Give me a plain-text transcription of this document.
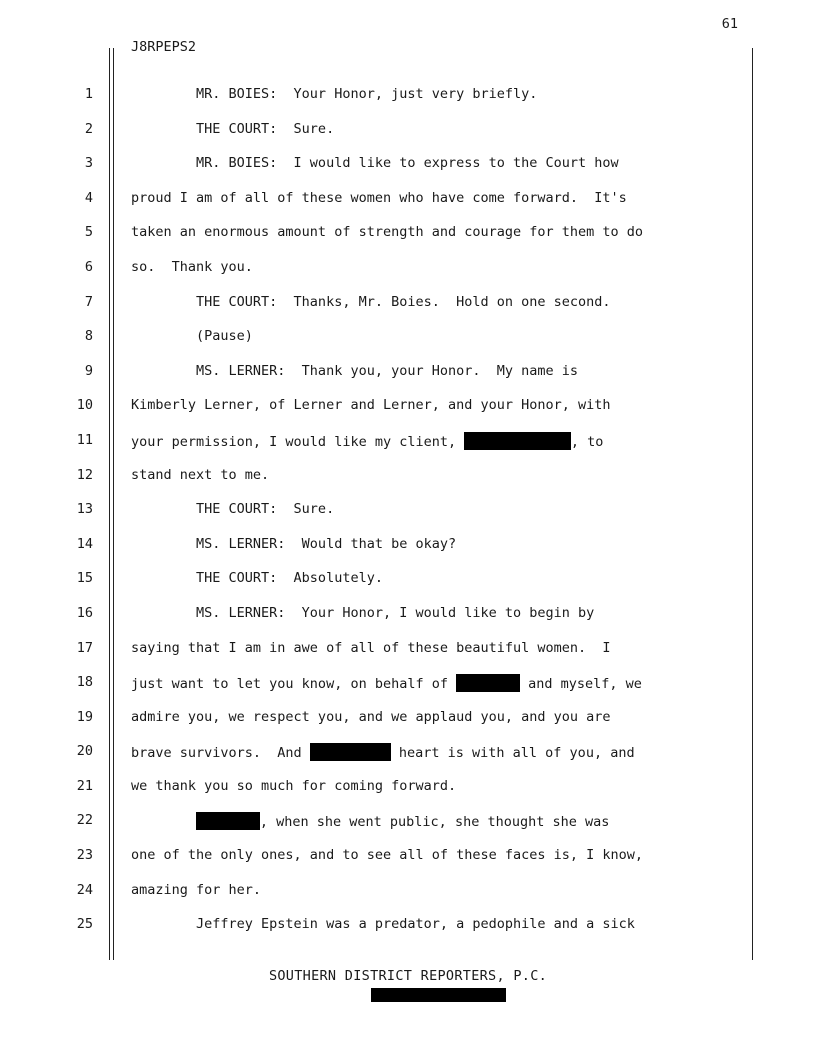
61
J8RPEPS2
1	MR. BOIES:  Your Honor, just very briefly.
2	THE COURT:  Sure.
3	MR. BOIES:  I would like to express to the Court how
4	proud I am of all of these women who have come forward.  It's
5	taken an enormous amount of strength and courage for them to do
6	so.  Thank you.
7	THE COURT:  Thanks, Mr. Boies.  Hold on one second.
8	(Pause)
9	MS. LERNER:  Thank you, your Honor.  My name is
10	Kimberly Lerner, of Lerner and Lerner, and your Honor, with
11	your permission, I would like my client,	, to
12	stand next to me.
13	THE COURT:  Sure.
14	MS. LERNER:  Would that be okay?
15	THE COURT:  Absolutely.
16	MS. LERNER:  Your Honor, I would like to begin by
17	saying that I am in awe of all of these beautiful women.  I
18	just want to let you know, on behalf of	and myself, we
19	admire you, we respect you, and we applaud you, and you are
20	brave survivors.  And	heart is with all of you, and
21	we thank you so much for coming forward.
22	, when she went public, she thought she was
23	one of the only ones, and to see all of these faces is, I know,
24	amazing for her.
25	Jeffrey Epstein was a predator, a pedophile and a sick
SOUTHERN DISTRICT REPORTERS, P.C.
